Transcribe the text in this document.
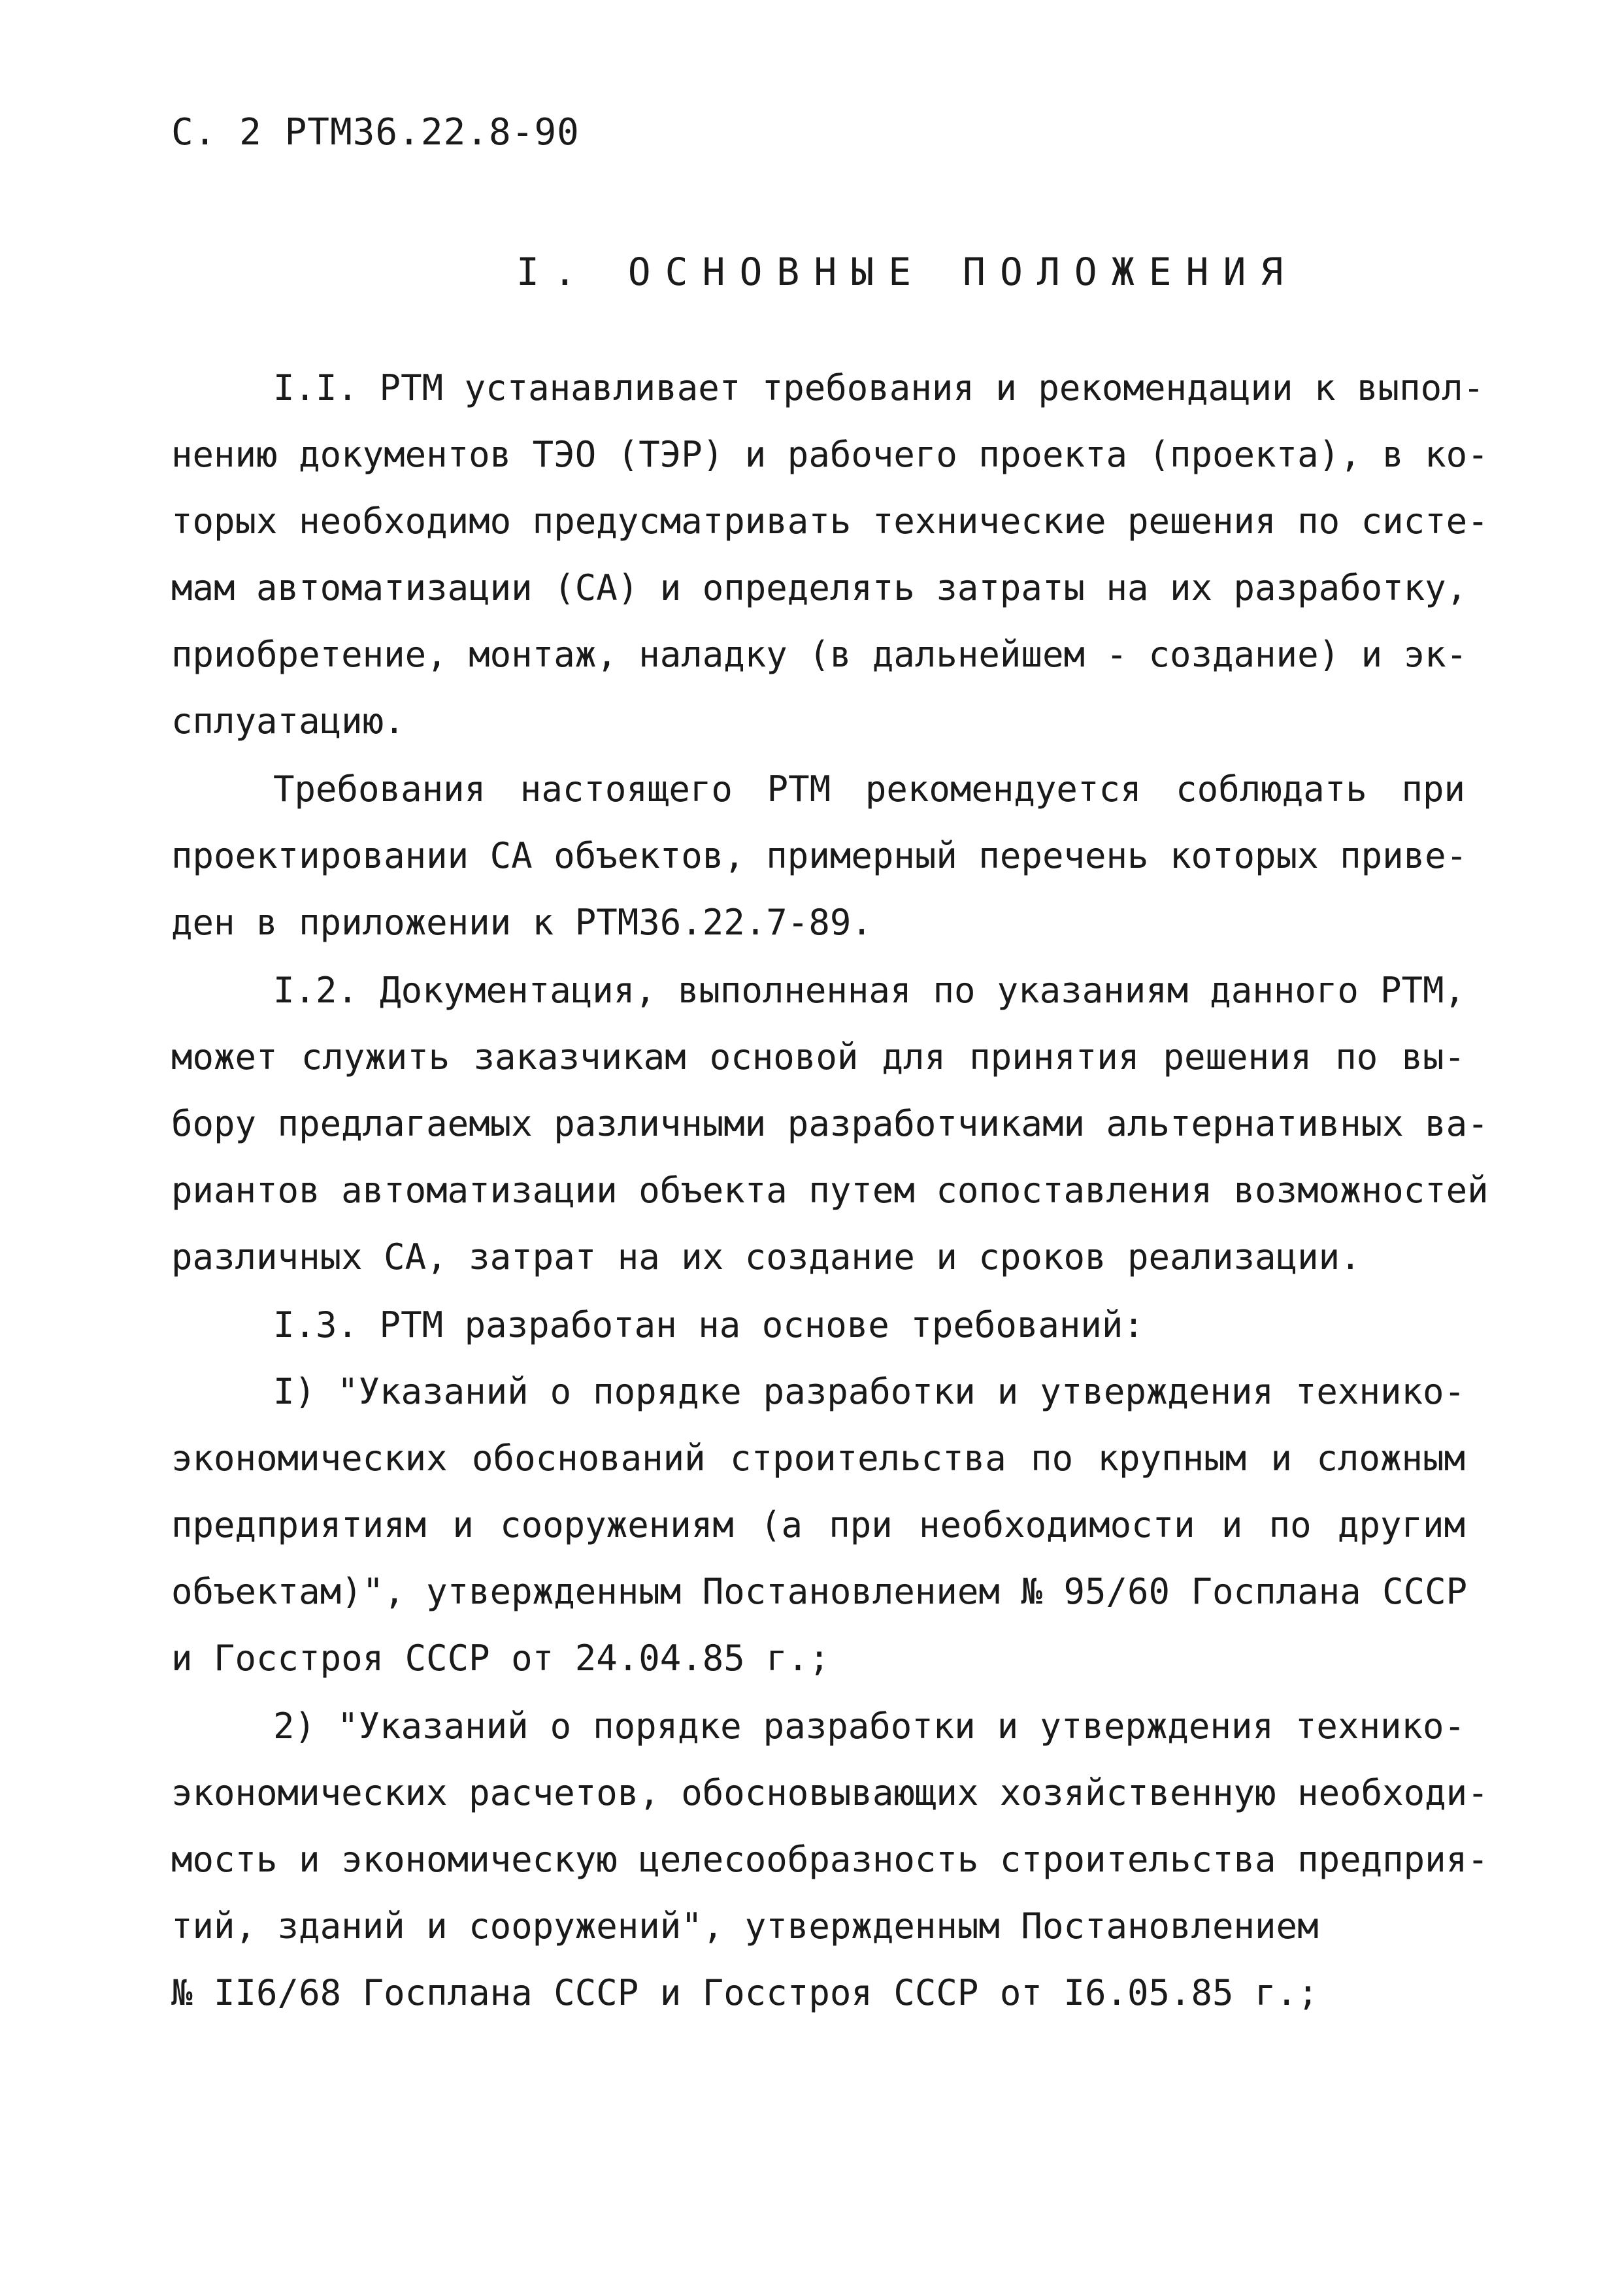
С. 2 РТМ36.22.8-90
I. ОСНОВНЫЕ ПОЛОЖЕНИЯ
I.I. РТМ устанавливает требования и рекомендации к выпол-
нению документов ТЭО (ТЭР) и рабочего проекта (проекта), в ко-
торых необходимо предусматривать технические решения по систе-
мам автоматизации (СА) и определять затраты на их разработку,
приобретение, монтаж, наладку (в дальнейшем - создание) и эк-
сплуатацию.
Требования настоящего РТМ рекомендуется соблюдать при
проектировании СА объектов, примерный перечень которых приве-
ден в приложении к РТМ36.22.7-89.
I.2. Документация, выполненная по указаниям данного РТМ,
может служить заказчикам основой для принятия решения по вы-
бору предлагаемых различными разработчиками альтернативных ва-
риантов автоматизации объекта путем сопоставления возможностей
различных СА, затрат на их создание и сроков реализации.
I.3. РТМ разработан на основе требований:
I) "Указаний о порядке разработки и утверждения технико-
экономических обоснований строительства по крупным и сложным
предприятиям и сооружениям (а при необходимости и по другим
объектам)", утвержденным Постановлением № 95/60 Госплана СССР
и Госстроя СССР от 24.04.85 г.;
2) "Указаний о порядке разработки и утверждения технико-
экономических расчетов, обосновывающих хозяйственную необходи-
мость и экономическую целесообразность строительства предприя-
тий, зданий и сооружений", утвержденным Постановлением
№ II6/68 Госплана СССР и Госстроя СССР от I6.05.85 г.;
